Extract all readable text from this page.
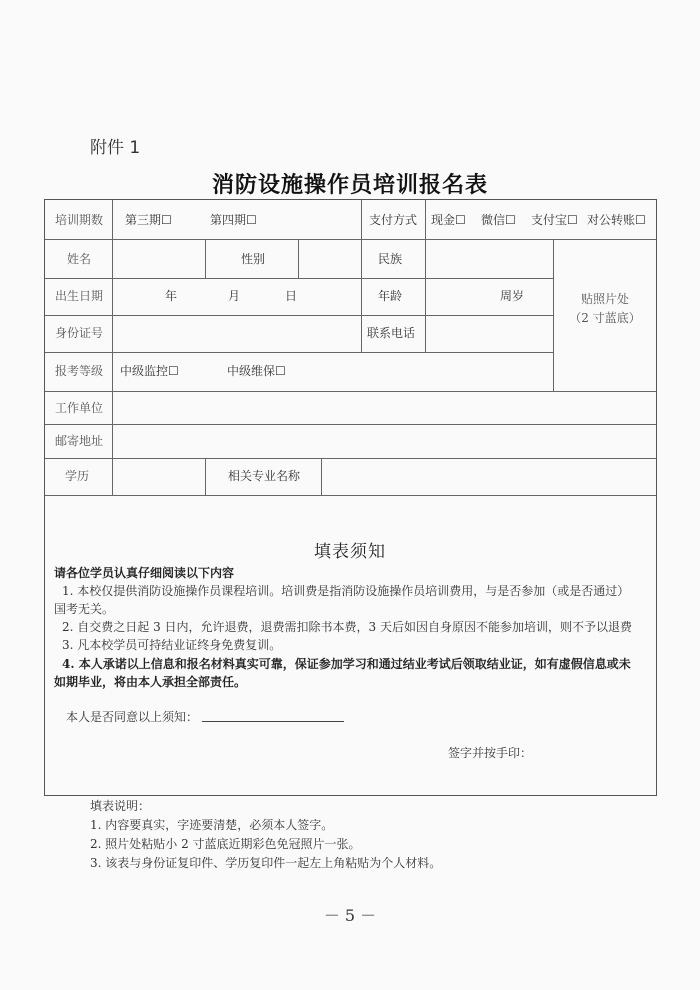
附件 1
消防设施操作员培训报名表
培训期数 第三期☐	第四期☐	支付方式 现金☐ 微信☐ 支付宝☐ 对公转账☐
姓名	性别	民族
贴照片处
（2 寸蓝底）
出生日期	年	月	日	年龄	周岁
身份证号	联系电话
报考等级 中级监控☐	中级维保☐
工作单位
邮寄地址
学历	相关专业名称
填表须知
请各位学员认真仔细阅读以下内容
1. 本校仅提供消防设施操作员课程培训。培训费是指消防设施操作员培训费用，与是否参加（或是否通过）
国考无关。
2. 自交费之日起 3 日内，允许退费，退费需扣除书本费，3 天后如因自身原因不能参加培训，则不予以退费
3. 凡本校学员可持结业证终身免费复训。
4. 本人承诺以上信息和报名材料真实可靠，保证参加学习和通过结业考试后领取结业证，如有虚假信息或未
如期毕业，将由本人承担全部责任。
本人是否同意以上须知：
签字并按手印：
填表说明：
1. 内容要真实，字迹要清楚，必须本人签字。
2. 照片处粘贴小 2 寸蓝底近期彩色免冠照片一张。
3. 该表与身份证复印件、学历复印件一起左上角粘贴为个人材料。
－ 5 －
